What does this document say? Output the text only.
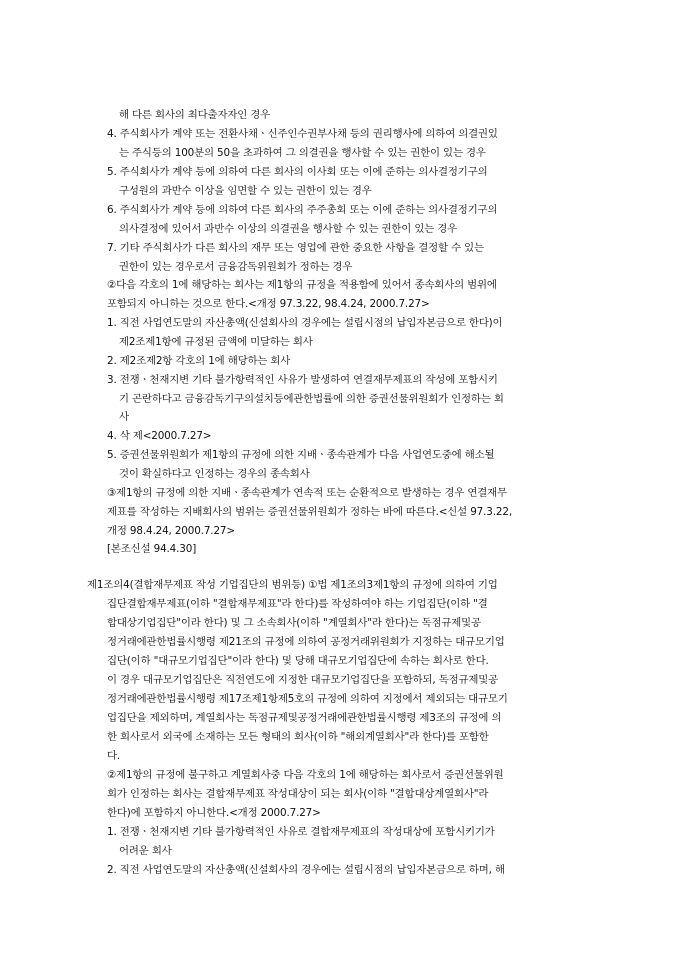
해 다른 회사의 최다출자자인 경우
4. 주식회사가 계약 또는 전환사채ㆍ신주인수권부사채 등의 권리행사에 의하여 의결권있
는 주식등의 100분의 50을 초과하여 그 의결권을 행사할 수 있는 권한이 있는 경우
5. 주식회사가 계약 등에 의하여 다른 회사의 이사회 또는 이에 준하는 의사결정기구의
구성원의 과반수 이상을 임면할 수 있는 권한이 있는 경우
6. 주식회사가 계약 등에 의하여 다른 회사의 주주총회 또는 이에 준하는 의사결정기구의
의사결정에 있어서 과반수 이상의 의결권을 행사할 수 있는 권한이 있는 경우
7. 기타 주식회사가 다른 회사의 재무 또는 영업에 관한 중요한 사항을 결정할 수 있는
권한이 있는 경우로서 금융감독위원회가 정하는 경우
②다음 각호의 1에 해당하는 회사는 제1항의 규정을 적용함에 있어서 종속회사의 범위에
포함되지 아니하는 것으로 한다.<개정 97.3.22, 98.4.24, 2000.7.27>
1. 직전 사업연도말의 자산총액(신설회사의 경우에는 설립시점의 납입자본금으로 한다)이
제2조제1항에 규정된 금액에 미달하는 회사
2. 제2조제2항 각호의 1에 해당하는 회사
3. 전쟁ㆍ천재지변 기타 불가항력적인 사유가 발생하여 연결재무제표의 작성에 포함시키
기 곤란하다고 금융감독기구의설치등에관한법률에 의한 증권선물위원회가 인정하는 회
사
4. 삭 제<2000.7.27>
5. 증권선물위원회가 제1항의 규정에 의한 지배ㆍ종속관계가 다음 사업연도중에 해소될
것이 확실하다고 인정하는 경우의 종속회사
③제1항의 규정에 의한 지배ㆍ종속관계가 연속적 또는 순환적으로 발생하는 경우 연결재무
제표를 작성하는 지배회사의 범위는 증권선물위원회가 정하는 바에 따른다.<신설 97.3.22,
개정 98.4.24, 2000.7.27>
[본조신설 94.4.30]
제1조의4(결합재무제표 작성 기업집단의 범위등) ①법 제1조의3제1항의 규정에 의하여 기업
집단결합재무제표(이하 "결합재무제표"라 한다)를 작성하여야 하는 기업집단(이하 "결
합대상기업집단"이라 한다) 및 그 소속회사(이하 "계열회사"라 한다)는 독점규제및공
정거래에관한법률시행령 제21조의 규정에 의하여 공정거래위원회가 지정하는 대규모기업
집단(이하 "대규모기업집단"이라 한다) 및 당해 대규모기업집단에 속하는 회사로 한다.
이 경우 대규모기업집단은 직전연도에 지정한 대규모기업집단을 포함하되, 독점규제및공
정거래에관한법률시행령 제17조제1항제5호의 규정에 의하여 지정에서 제외되는 대규모기
업집단을 제외하며, 계열회사는 독점규제및공정거래에관한법률시행령 제3조의 규정에 의
한 회사로서 외국에 소재하는 모든 형태의 회사(이하 "해외계열회사"라 한다)를 포함한
다.
②제1항의 규정에 불구하고 계열회사중 다음 각호의 1에 해당하는 회사로서 증권선물위원
회가 인정하는 회사는 결합재무제표 작성대상이 되는 회사(이하 "결합대상계열회사"라
한다)에 포함하지 아니한다.<개정 2000.7.27>
1. 전쟁ㆍ천재지변 기타 불가항력적인 사유로 결합재무제표의 작성대상에 포함시키기가
어려운 회사
2. 직전 사업연도말의 자산총액(신설회사의 경우에는 설립시점의 납입자본금으로 하며, 해
